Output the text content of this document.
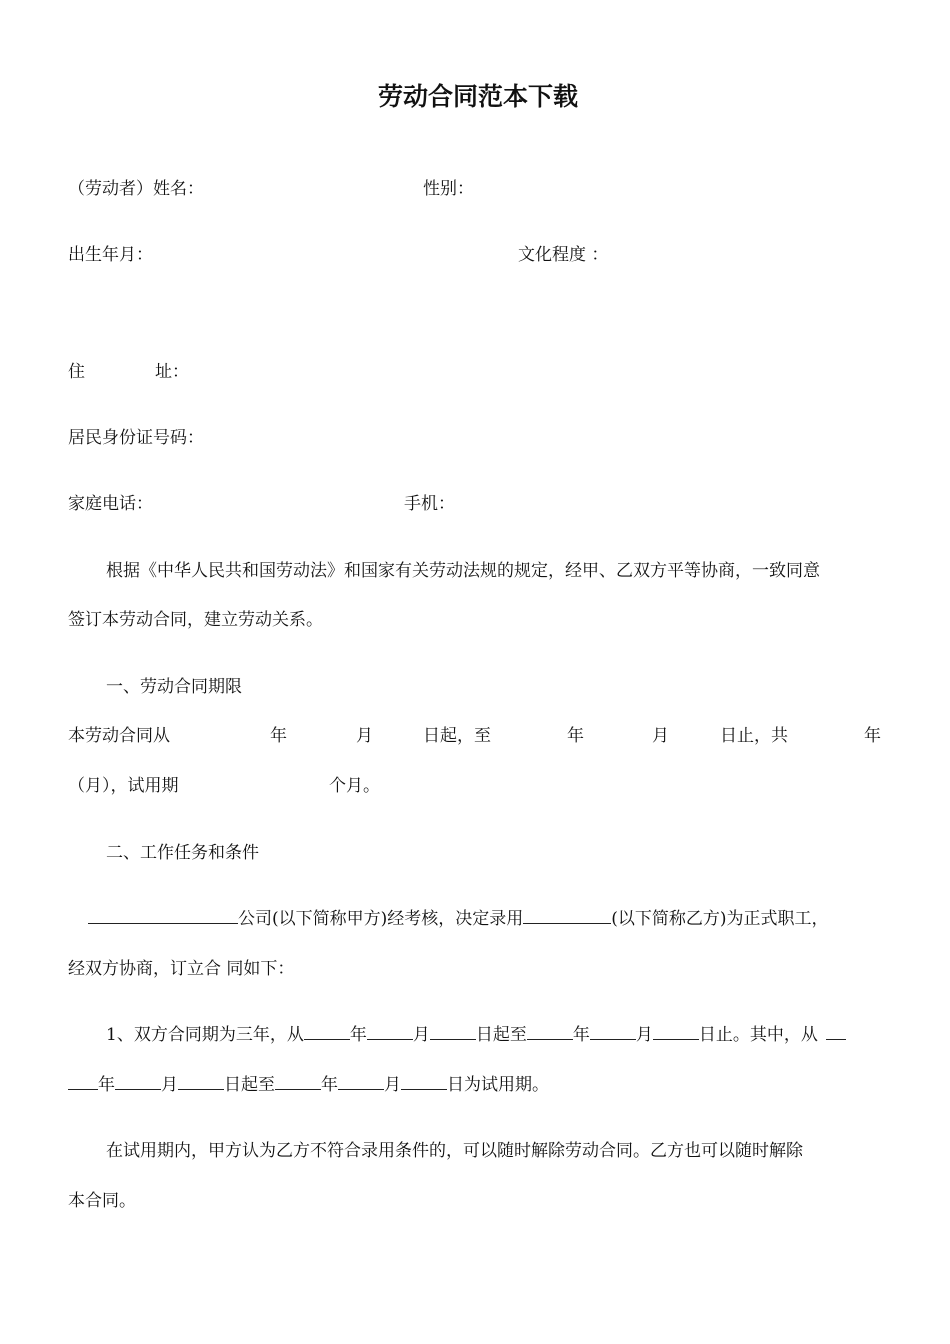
劳动合同范本下载
（劳动者）姓名：	性别：
出生年月：	文化程度 ：
住	址：
居民身份证号码：
家庭电话：	手机：
根据《中华人民共和国劳动法》和国家有关劳动法规的规定，经甲、乙双方平等协商，一致同意
签订本劳动合同，建立劳动关系。
一、劳动合同期限
本劳动合同从	年	月	日起，至	年	月	日止，共	年
（月），试用期	个月。
二、工作任务和条件
公司(以下简称甲方)经考核，决定录用	(以下简称乙方)为正式职工，
经双方协商，订立合 同如下：
1、双方合同期为三年，从	年	月	日起至	年	月	日止。其中，从
年	月	日起至	年	月	日为试用期。
在试用期内，甲方认为乙方不符合录用条件的，可以随时解除劳动合同。乙方也可以随时解除
本合同。
